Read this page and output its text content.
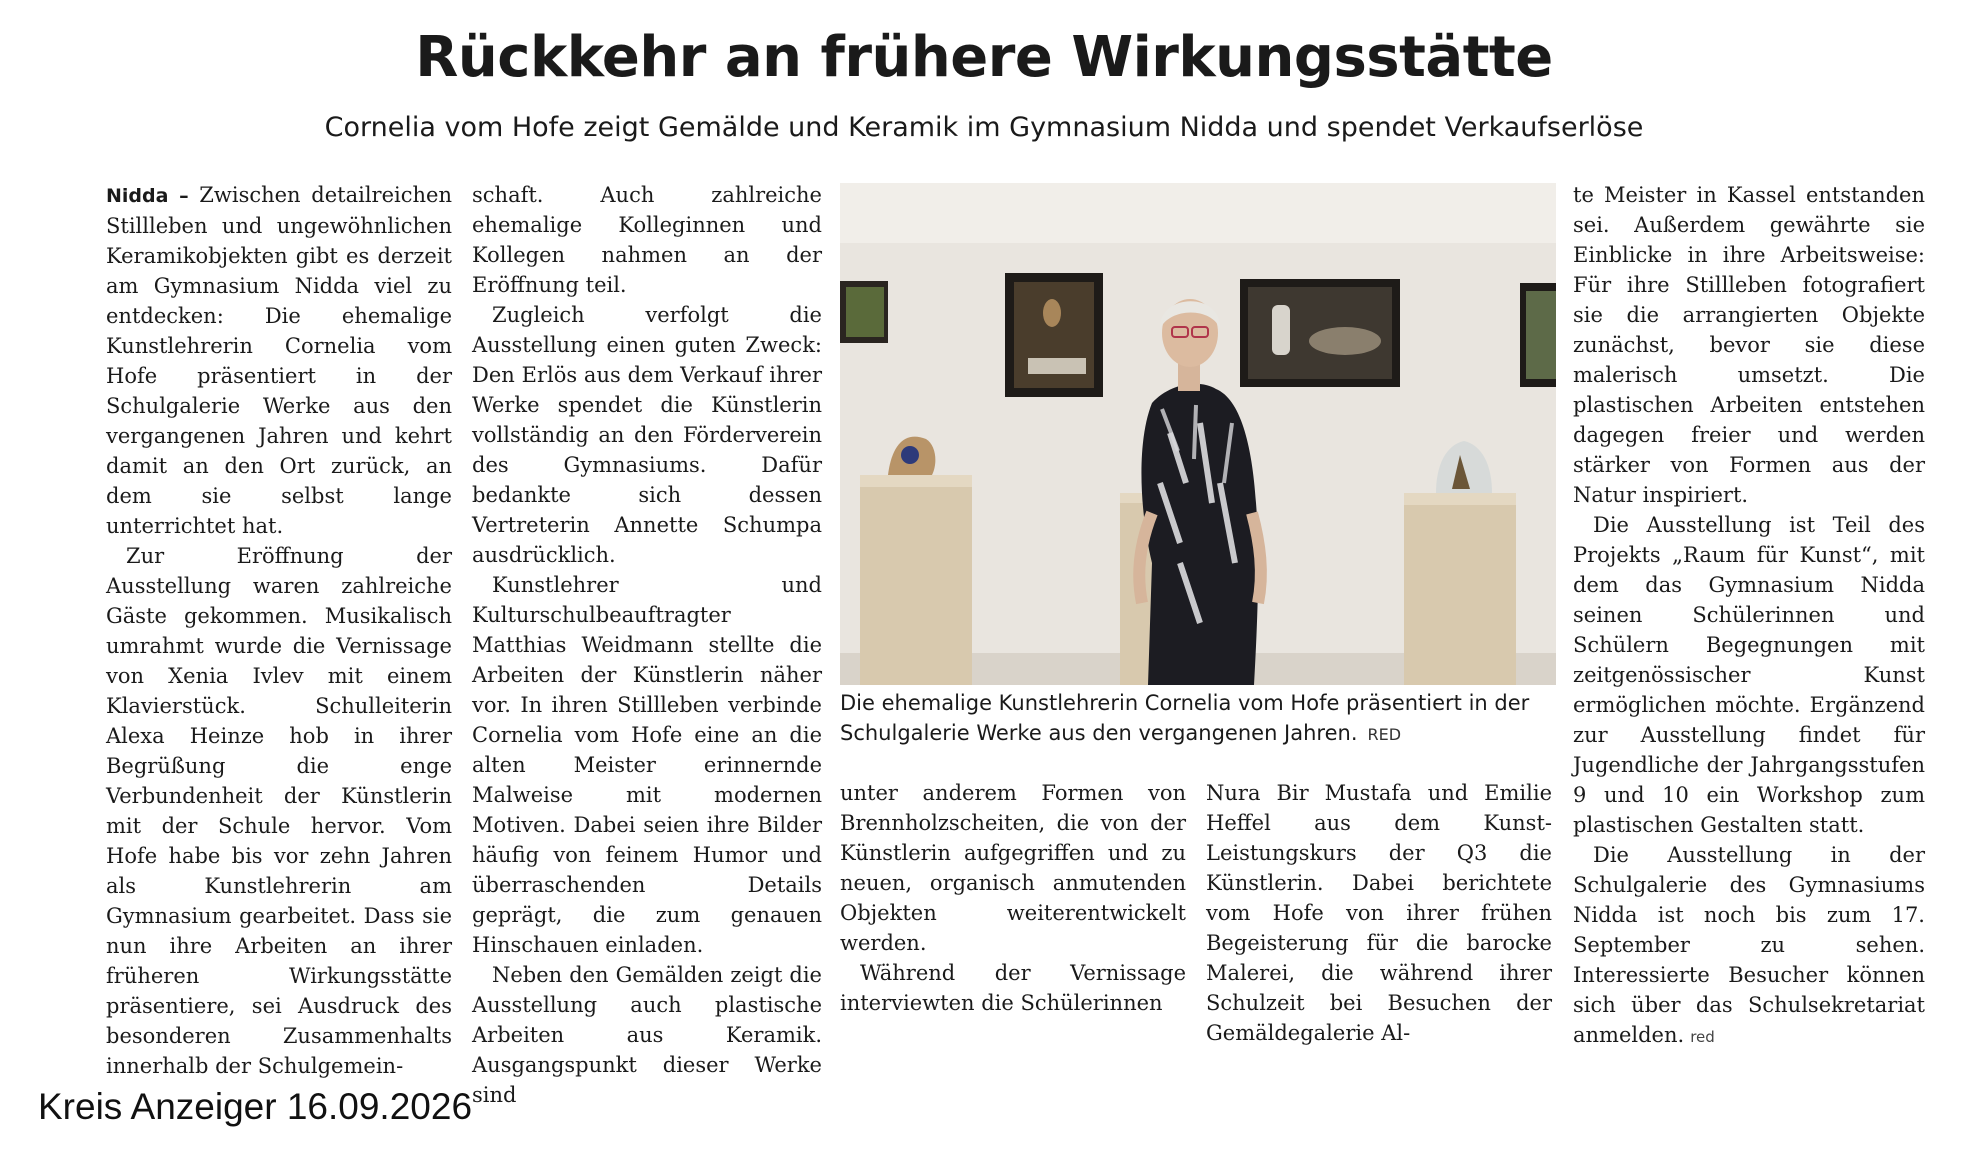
Rückkehr an frühere Wirkungsstätte
Cornelia vom Hofe zeigt Gemälde und Keramik im Gymnasium Nidda und spendet Verkaufserlöse

Nidda – Zwischen detailreichen Stillleben und ungewöhnlichen Keramikobjekten gibt es derzeit am Gymnasium Nidda viel zu entdecken: Die ehemalige Kunstlehrerin Cornelia vom Hofe präsentiert in der Schulgalerie Werke aus den vergangenen Jahren und kehrt damit an den Ort zurück, an dem sie selbst lange unterrichtet hat.

Zur Eröffnung der Ausstellung waren zahlreiche Gäste gekommen. Musikalisch umrahmt wurde die Vernissage von Xenia Ivlev mit einem Klavierstück. Schulleiterin Alexa Heinze hob in ihrer Begrüßung die enge Verbundenheit der Künstlerin mit der Schule hervor. Vom Hofe habe bis vor zehn Jahren als Kunstlehrerin am Gymnasium gearbeitet. Dass sie nun ihre Arbeiten an ihrer früheren Wirkungsstätte präsentiere, sei Ausdruck des besonderen Zusammenhalts innerhalb der Schulgemein-

schaft. Auch zahlreiche ehemalige Kolleginnen und Kollegen nahmen an der Eröffnung teil.

Zugleich verfolgt die Ausstellung einen guten Zweck: Den Erlös aus dem Verkauf ihrer Werke spendet die Künstlerin vollständig an den Förderverein des Gymnasiums. Dafür bedankte sich dessen Vertreterin Annette Schumpa ausdrücklich.

Kunstlehrer und Kulturschulbeauftragter Matthias Weidmann stellte die Arbeiten der Künstlerin näher vor. In ihren Stillleben verbinde Cornelia vom Hofe eine an die alten Meister erinnernde Malweise mit modernen Motiven. Dabei seien ihre Bilder häufig von feinem Humor und überraschenden Details geprägt, die zum genauen Hinschauen einladen.

Neben den Gemälden zeigt die Ausstellung auch plastische Arbeiten aus Keramik. Ausgangspunkt dieser Werke sind

Die ehemalige Kunstlehrerin Cornelia vom Hofe präsentiert in der Schulgalerie Werke aus den vergangenen Jahren. RED

unter anderem Formen von Brennholzscheiten, die von der Künstlerin aufgegriffen und zu neuen, organisch anmutenden Objekten weiterentwickelt werden.

Während der Vernissage interviewten die Schülerinnen

Nura Bir Mustafa und Emilie Heffel aus dem Kunst-Leistungskurs der Q3 die Künstlerin. Dabei berichtete vom Hofe von ihrer frühen Begeisterung für die barocke Malerei, die während ihrer Schulzeit bei Besuchen der Gemäldegalerie Al-

te Meister in Kassel entstanden sei. Außerdem gewährte sie Einblicke in ihre Arbeitsweise: Für ihre Stillleben fotografiert sie die arrangierten Objekte zunächst, bevor sie diese malerisch umsetzt. Die plastischen Arbeiten entstehen dagegen freier und werden stärker von Formen aus der Natur inspiriert.

Die Ausstellung ist Teil des Projekts „Raum für Kunst“, mit dem das Gymnasium Nidda seinen Schülerinnen und Schülern Begegnungen mit zeitgenössischer Kunst ermöglichen möchte. Ergänzend zur Ausstellung findet für Jugendliche der Jahrgangsstufen 9 und 10 ein Workshop zum plastischen Gestalten statt.

Die Ausstellung in der Schulgalerie des Gymnasiums Nidda ist noch bis zum 17. September zu sehen. Interessierte Besucher können sich über das Schulsekretariat anmelden. red

Kreis Anzeiger 16.09.2026
